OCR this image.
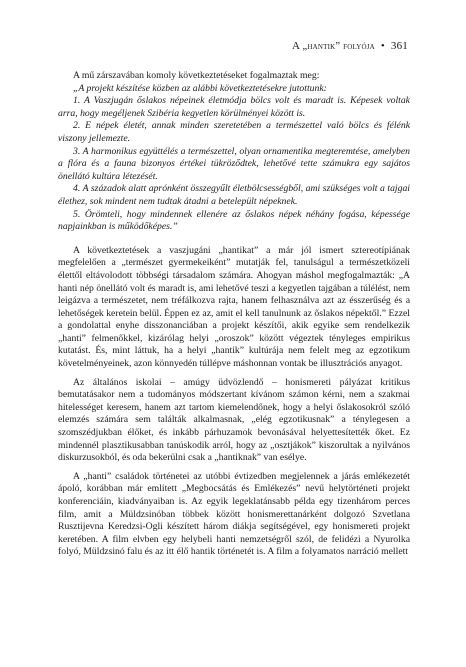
A „hantik” folyója • 361

A mű zárszavában komoly következtetéseket fogalmaztak meg:

„A projekt készítése közben az alábbi következtetésekre jutottunk:

1. A Vaszjugán őslakos népeinek életmódja bölcs volt és maradt is. Képesek voltak arra, hogy megéljenek Szibéria kegyetlen körülményei között is.

2. E népek életét, annak minden szeretetében a természettel való bölcs és félénk viszony jellemezte.

3. A harmonikus együttélés a természettel, olyan ornamentika megteremtése, amelyben a flóra és a fauna bizonyos értékei tükröződtek, lehetővé tette számukra egy sajátos önellátó kultúra létezését.

4. A századok alatt aprónként összegyűlt életbölcsességből, ami szükséges volt a tajgai élethez, sok mindent nem tudtak átadni a betelepült népeknek.

5. Örömteli, hogy mindennek ellenére az őslakos népek néhány fogása, képessége napjainkban is működőképes.”

A következtetések a vaszjugáni „hantikat” a már jól ismert sztereotípiának megfelelően a „természet gyermekeiként” mutatják fel, tanulságul a természetközeli élettől eltávolodott többségi társadalom számára. Ahogyan máshol megfogalmazták: „A hanti nép önellátó volt és maradt is, ami lehetővé teszi a kegyetlen tajgában a túlélést, nem leigázva a természetet, nem tréfálkozva rajta, hanem felhasználva azt az ésszerűség és a lehetőségek keretein belül. Éppen ez az, amit el kell tanulnunk az őslakos népektől.” Ezzel a gondolattal enyhe disszonanciában a projekt készítői, akik egyike sem rendelkezik „hanti” felmenőkkel, kizárólag helyi „oroszok” között végeztek tényleges empirikus kutatást. És, mint láttuk, ha a helyi „hantik” kultúrája nem felelt meg az egzotikum követelményeinek, azon könnyedén túllépve máshonnan vontak be illusztrációs anyagot.

Az általános iskolai – amúgy üdvözlendő – honismereti pályázat kritikus bemutatásakor nem a tudományos módszertant kívánom számon kérni, nem a szakmai hitelességet keresem, hanem azt tartom kiemelendőnek, hogy a helyi őslakosokról szóló elemzés számára sem találták alkalmasnak, „elég egzotikusnak” a ténylegesen a szomszédjukban élőket, és inkább párhuzamok bevonásával helyettesítették őket. Ez mindennél plasztikusabban tanúskodik arról, hogy az „osztjákok” kiszorultak a nyilvános diskurzusokból, és oda bekerülni csak a „hantiknak” van esélye.

A „hanti” családok történetei az utóbbi évtizedben megjelennek a járás emlékezetét ápoló, korábban már említett „Megbocsátás és Emlékezés” nevű helytörténeti projekt konferenciáin, kiadványaiban is. Az egyik legeklatánsabb példa egy tizenhárom perces film, amit a Müldzsinóban többek között honismerettanárként dolgozó Szvetlana Rusztijevna Keredzsi-Ogli készített három diákja segítségével, egy honismereti projekt keretében. A film elvben egy helybeli hanti nemzetségről szól, de felidézi a Nyurolka folyó, Müldzsinó falu és az itt élő hantik történetét is. A film a folyamatos narráció mellett
